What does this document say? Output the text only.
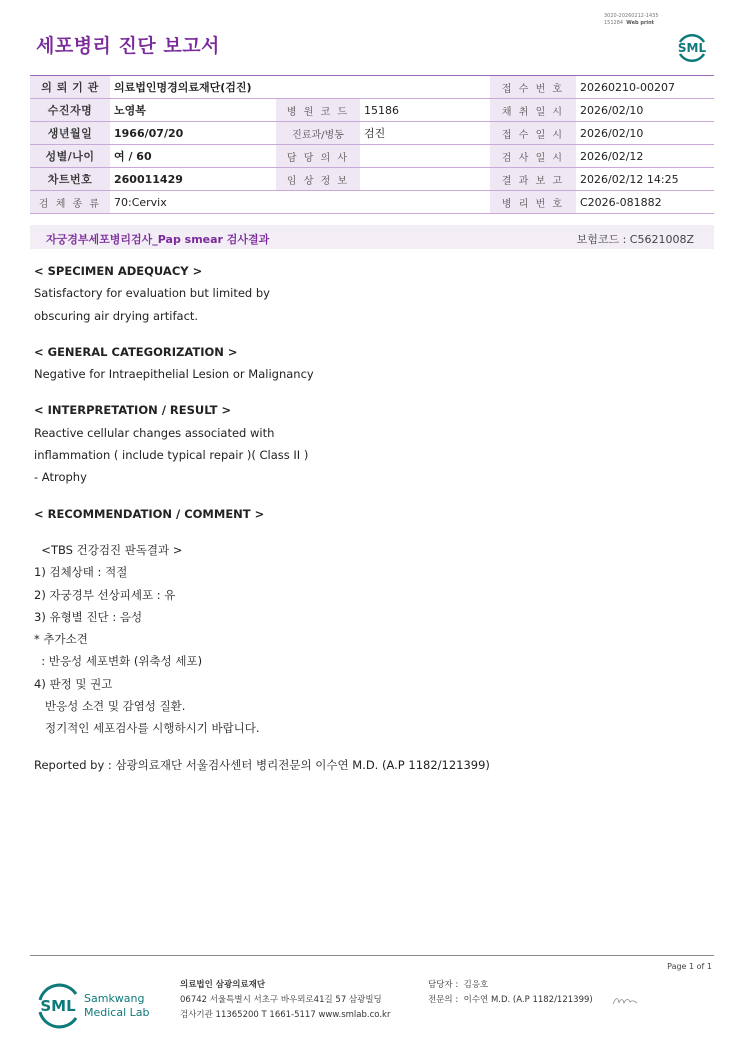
3020-20260212-1435
151284 Web print
세포병리 진단 보고서	SML
의 뢰 기 관	의료법인명경의료재단(검진)			접 수 번 호	20260210-00207
수진자명	노영복	병 원 코 드	15186	채 취 일 시	2026/02/10
생년월일	1966/07/20	진료과/병동	검진	접 수 일 시	2026/02/10
성별/나이	여 / 60	담 당 의 사		검 사 일 시	2026/02/12
차트번호	260011429	임 상 정 보		결 과 보 고	2026/02/12 14:25
검 체 종 류	70:Cervix			병 리 번 호	C2026-081882
자궁경부세포병리검사_Pap smear 검사결과	보험코드 : C5621008Z
< SPECIMEN ADEQUACY >
Satisfactory for evaluation but limited by
obscuring air drying artifact.
< GENERAL CATEGORIZATION >
Negative for Intraepithelial Lesion or Malignancy
< INTERPRETATION / RESULT >
Reactive cellular changes associated with
inflammation ( include typical repair )( Class II )
- Atrophy
< RECOMMENDATION / COMMENT >
<TBS 건강검진 판독결과 >
1) 검체상태 : 적절
2) 자궁경부 선상피세포 : 유
3) 유형별 진단 : 음성
* 추가소견
: 반응성 세포변화 (위축성 세포)
4) 판정 및 권고
반응성 소견 및 감염성 질환.
정기적인 세포검사를 시행하시기 바랍니다.
Reported by : 삼광의료재단 서울검사센터 병리전문의 이수연 M.D. (A.P 1182/121399)
Page 1 of 1
SML Samkwang
Medical Lab
의료법인 삼광의료재단
06742 서울특별시 서초구 바우뫼로41길 57 삼광빌딩
검사기관 11365200 T 1661-5117 www.smlab.co.kr
담당자 : 김응호
전문의 : 이수연 M.D. (A.P 1182/121399)
